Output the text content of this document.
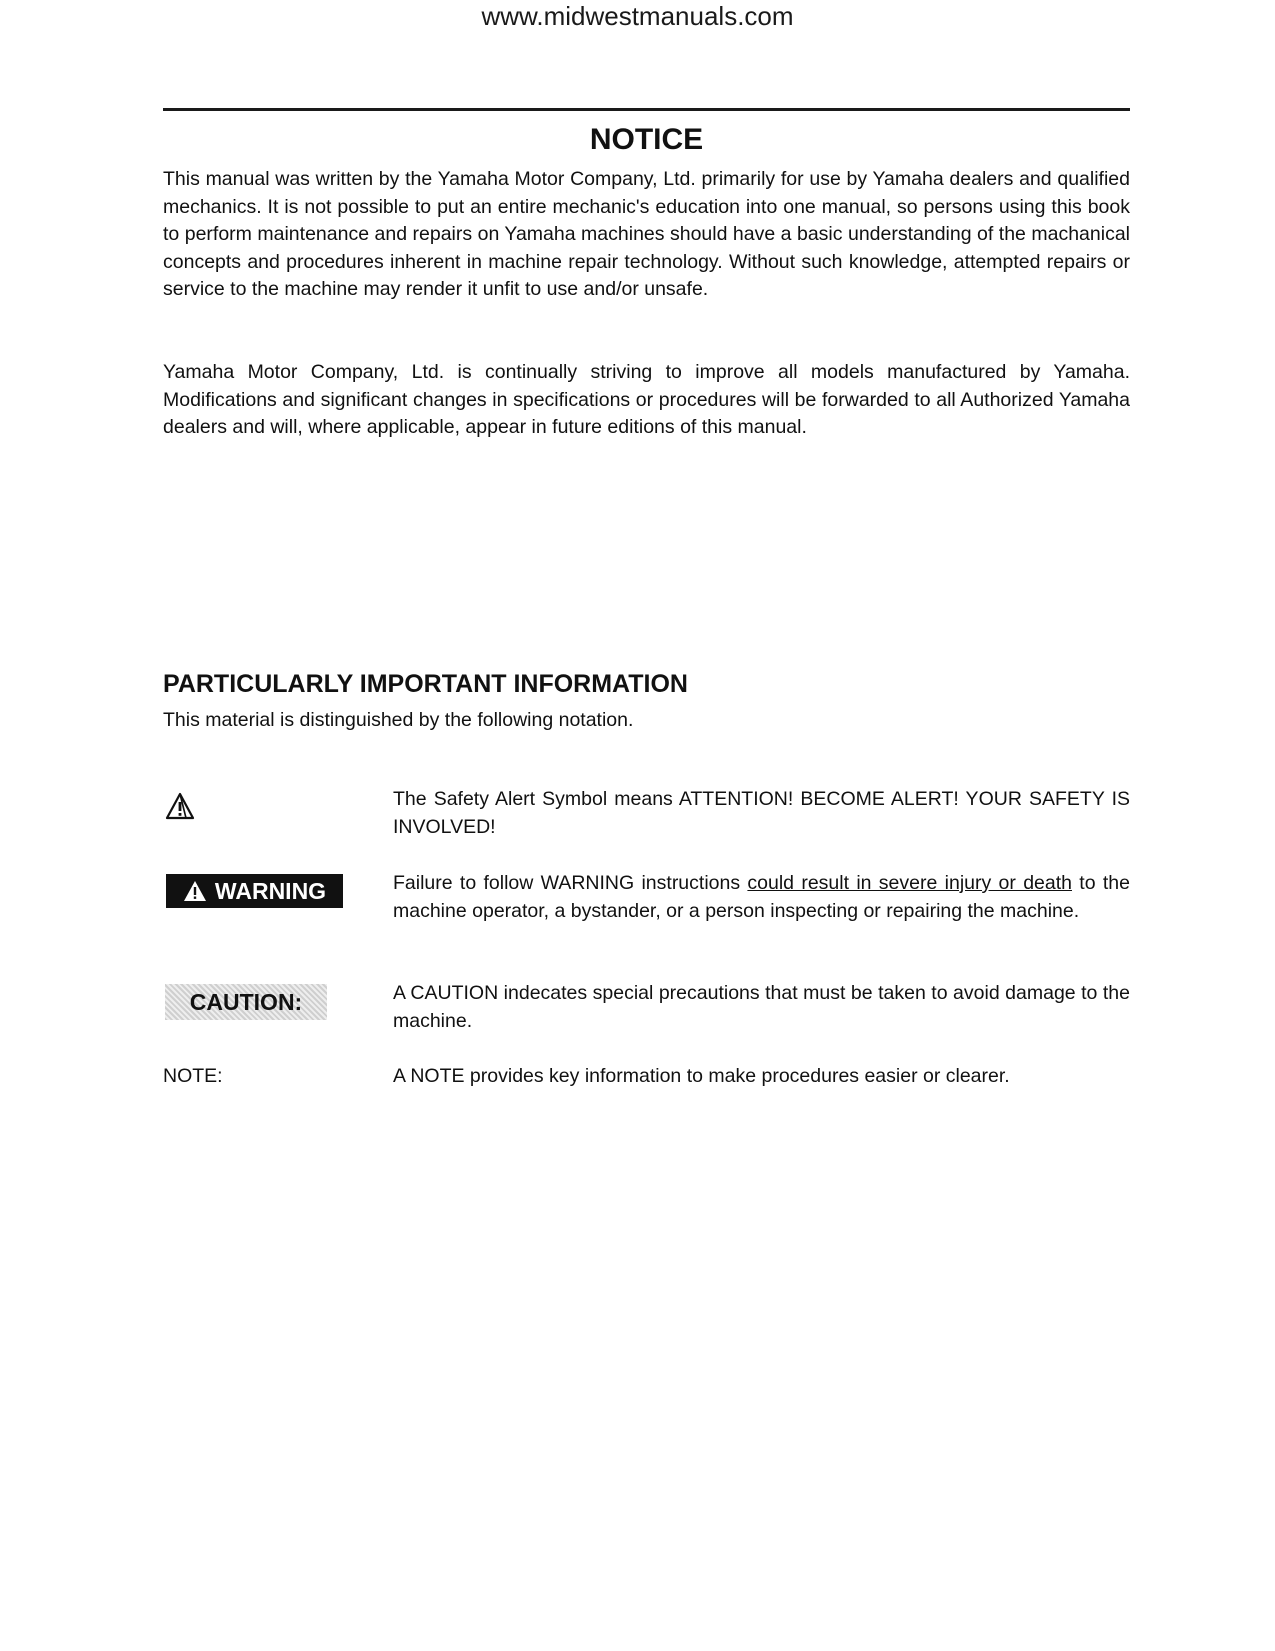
www.midwestmanuals.com
NOTICE

This manual was written by the Yamaha Motor Company, Ltd. primarily for use by Yamaha dealers and qualified mechanics. It is not possible to put an entire mechanic's education into one manual, so persons using this book to perform maintenance and repairs on Yamaha machines should have a basic understanding of the machanical concepts and procedures inherent in machine repair technology. Without such knowledge, attempted repairs or service to the machine may render it unfit to use and/or unsafe.

Yamaha Motor Company, Ltd. is continually striving to improve all models manufactured by Yamaha. Modifications and significant changes in specifications or procedures will be forwarded to all Authorized Yamaha dealers and will, where applicable, appear in future editions of this manual.

PARTICULARLY IMPORTANT INFORMATION
This material is distinguished by the following notation.

The Safety Alert Symbol means ATTENTION! BECOME ALERT! YOUR SAFETY IS INVOLVED!

WARNING	Failure to follow WARNING instructions could result in severe injury or death to the machine operator, a bystander, or a person inspecting or repairing the machine.

CAUTION:	A CAUTION indecates special precautions that must be taken to avoid damage to the machine.

NOTE:	A NOTE provides key information to make procedures easier or clearer.
